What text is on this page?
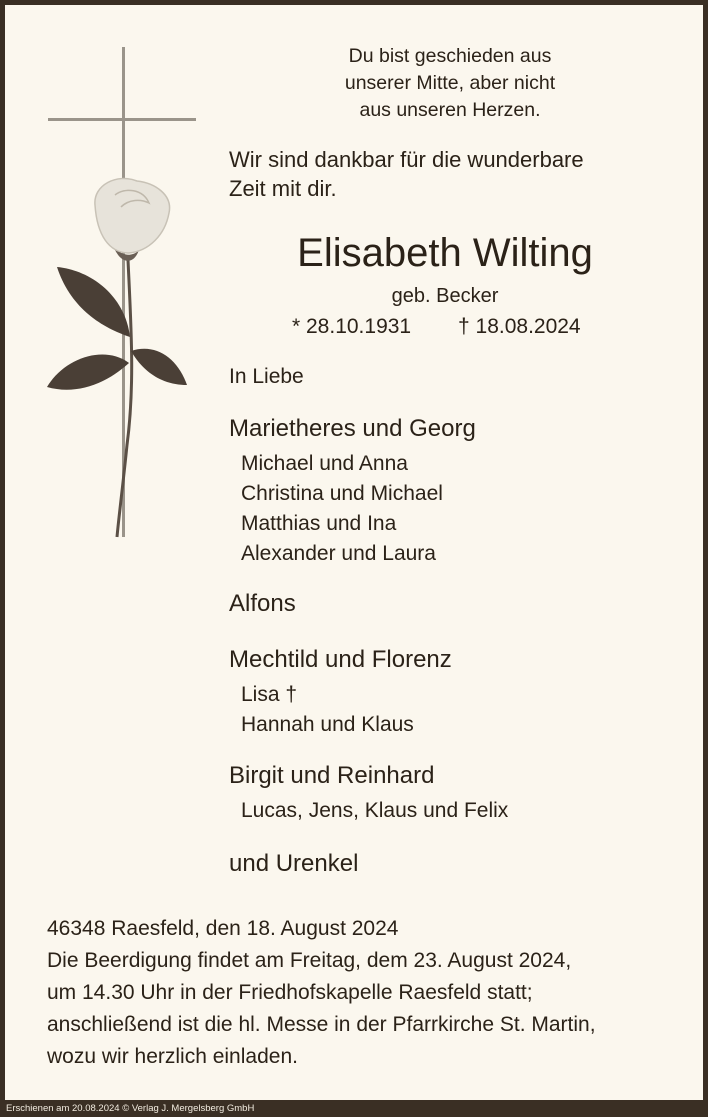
Du bist geschieden aus
unserer Mitte, aber nicht
aus unseren Herzen.
Wir sind dankbar für die wunderbare
Zeit mit dir.
Elisabeth Wilting
geb. Becker
* 28.10.1931 † 18.08.2024
In Liebe
Marietheres und Georg
Michael und Anna
Christina und Michael
Matthias und Ina
Alexander und Laura
Alfons
Mechtild und Florenz
Lisa †
Hannah und Klaus
Birgit und Reinhard
Lucas, Jens, Klaus und Felix
und Urenkel
46348 Raesfeld, den 18. August 2024
Die Beerdigung findet am Freitag, dem 23. August 2024,
um 14.30 Uhr in der Friedhofskapelle Raesfeld statt;
anschließend ist die hl. Messe in der Pfarrkirche St. Martin,
wozu wir herzlich einladen.
Erschienen am 20.08.2024 © Verlag J. Mergelsberg GmbH
